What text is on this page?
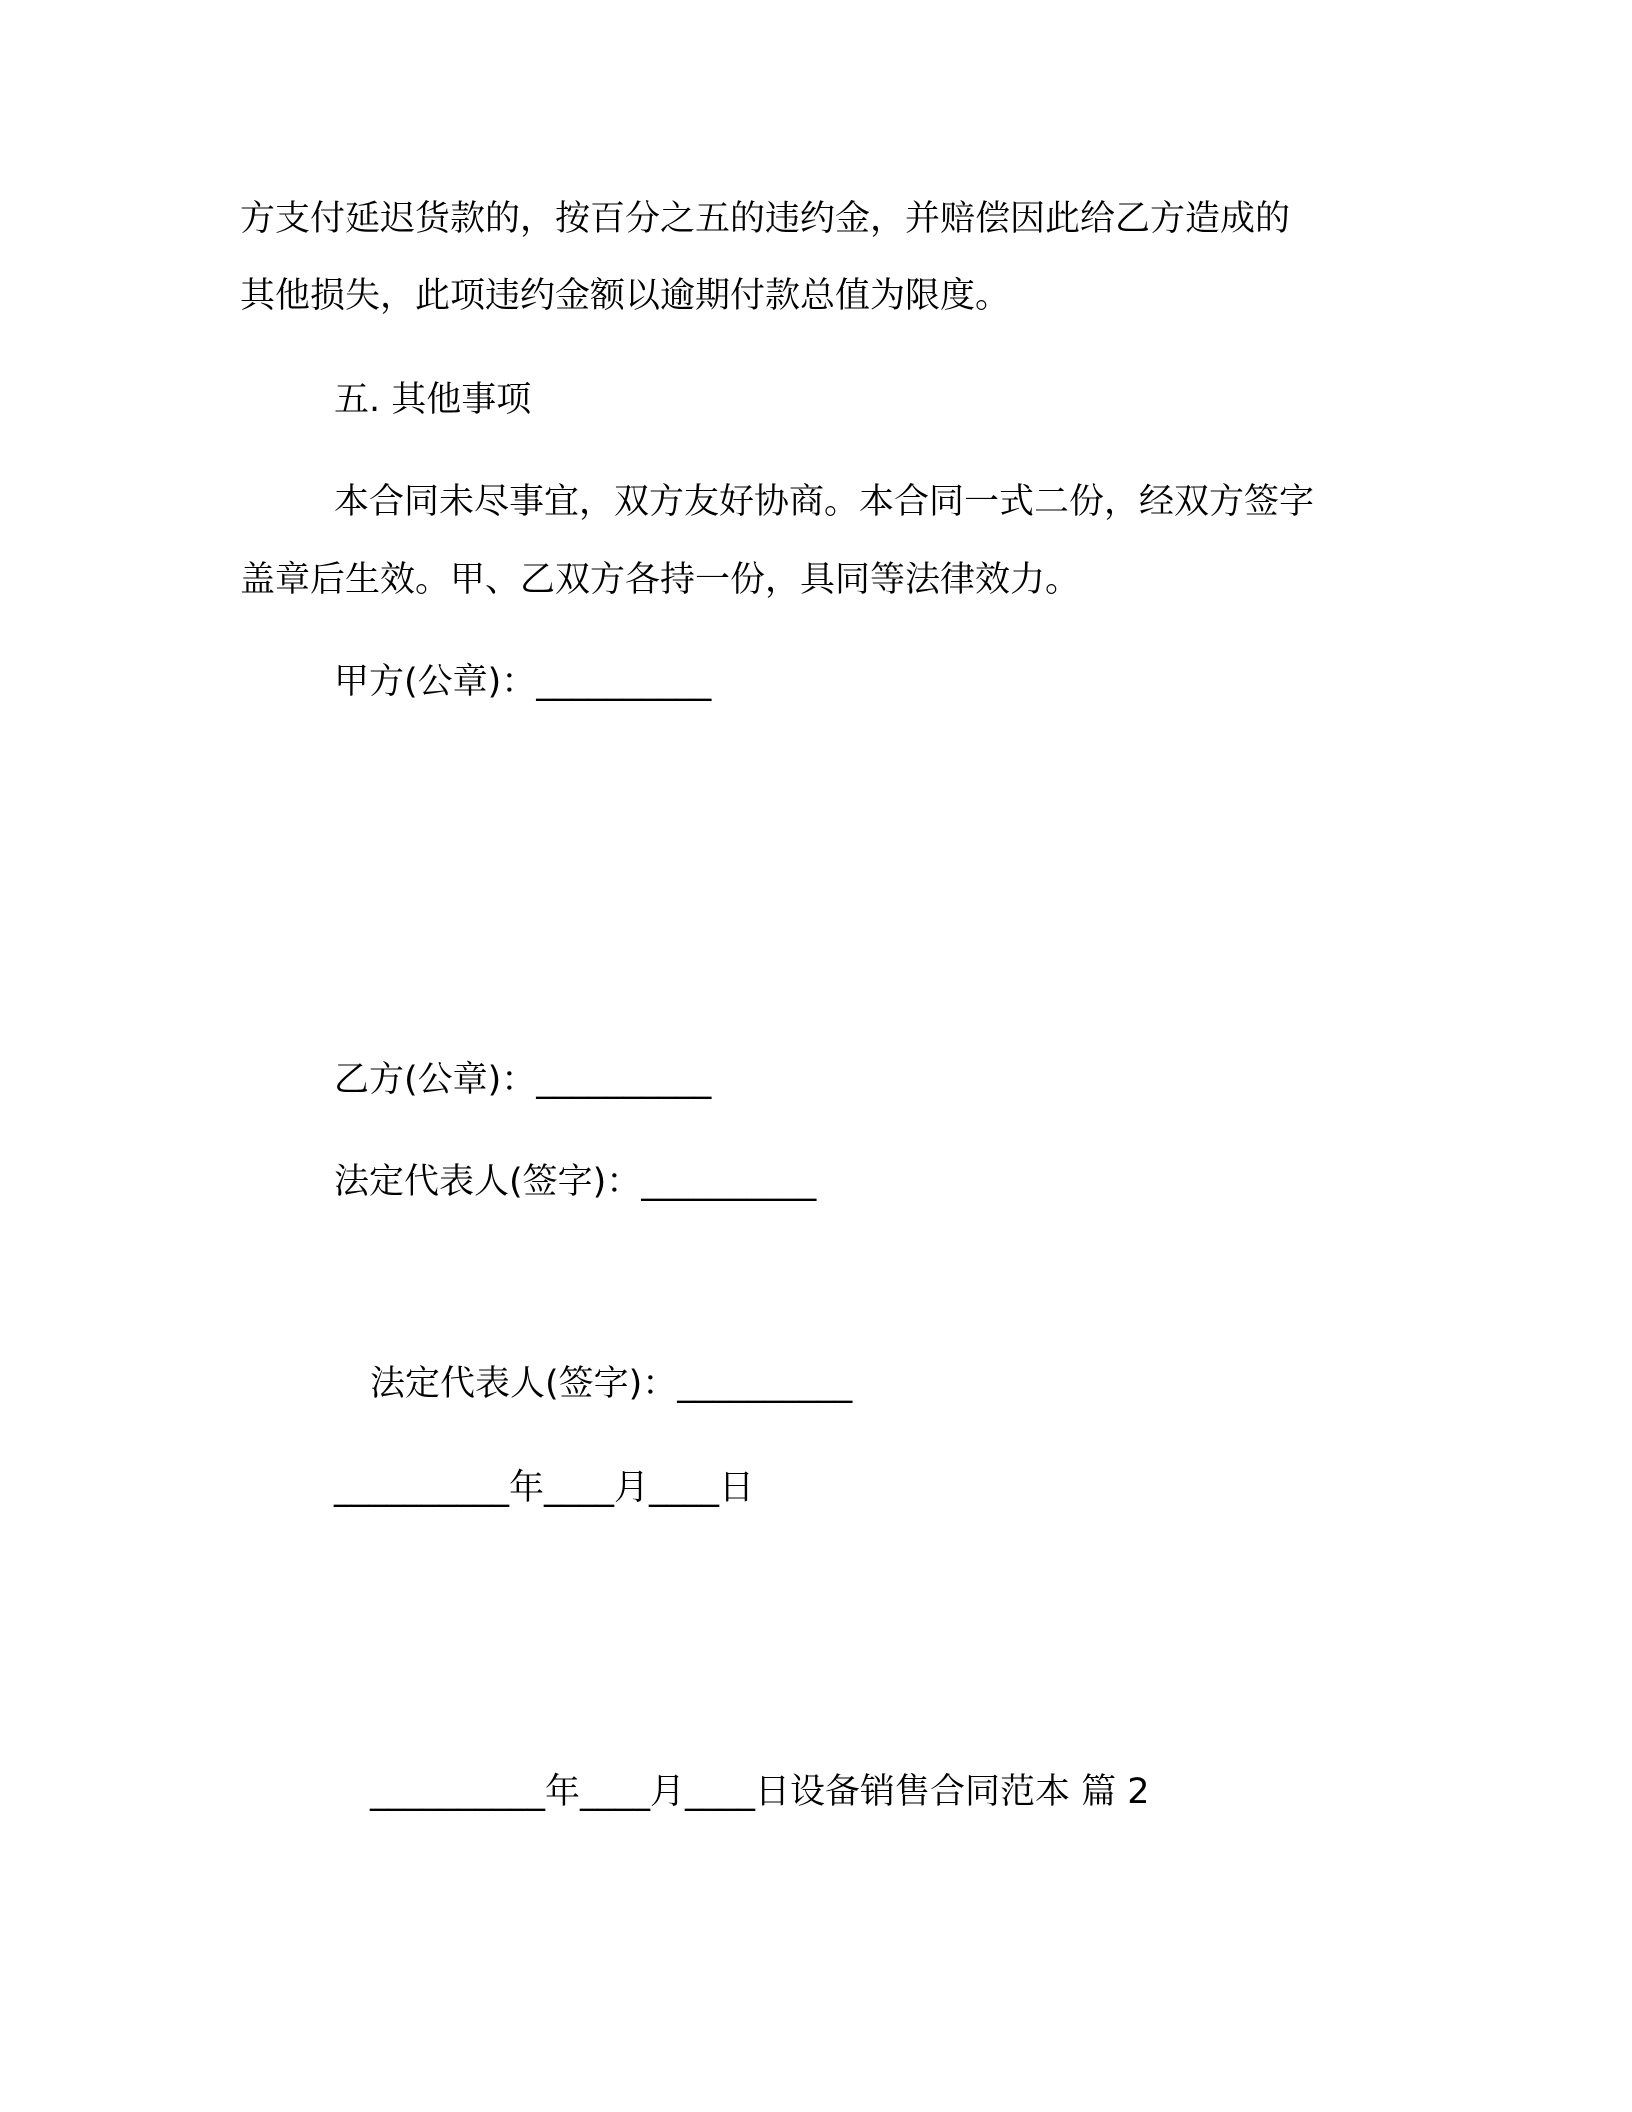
方支付延迟货款的，按百分之五的违约金，并赔偿因此给乙方造成的
其他损失，此项违约金额以逾期付款总值为限度。
五. 其他事项
本合同未尽事宜，双方友好协商。本合同一式二份，经双方签字
盖章后生效。甲、乙双方各持一份，具同等法律效力。
甲方(公章)：__________
乙方(公章)：__________
法定代表人(签字)：__________
法定代表人(签字)：__________
__________年____月____日
__________年____月____日设备销售合同范本 篇 2
